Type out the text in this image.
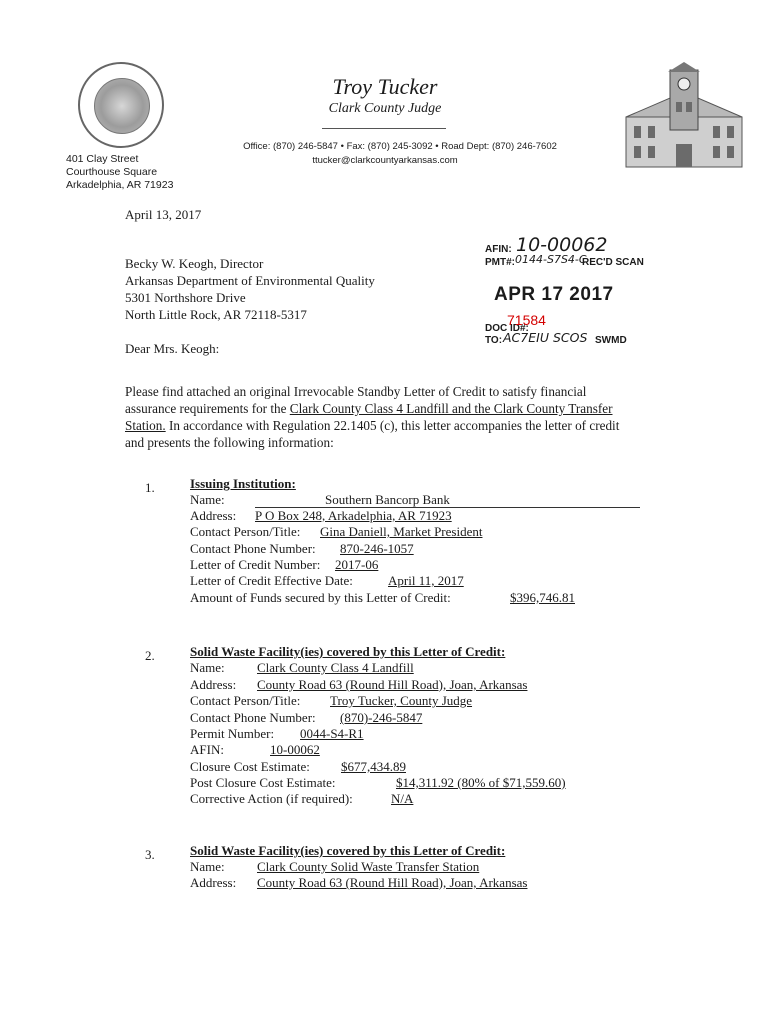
Troy Tucker
Clark County Judge
Office: (870) 246-5847 • Fax: (870) 245-3092 • Road Dept: (870) 246-7602
ttucker@clarkcountyarkansas.com
401 Clay Street
Courthouse Square
Arkadelphia, AR 71923
April 13, 2017
Becky W. Keogh, Director
Arkansas Department of Environmental Quality
5301 Northshore Drive
North Little Rock, AR 72118-5317
AFIN: 10-00062
PMT#: 0144-S7S4-C
REC'D SCAN
APR 17 2017
DOC ID#:
71584
TO: AC7EIU SCOS SWMD
Dear Mrs. Keogh:
Please find attached an original Irrevocable Standby Letter of Credit to satisfy financial
assurance requirements for the Clark County Class 4 Landfill and the Clark County Transfer
Station. In accordance with Regulation 22.1405 (c), this letter accompanies the letter of credit
and presents the following information:
1.	Issuing Institution:
Name:	Southern Bancorp Bank
Address: P O Box 248, Arkadelphia, AR 71923
Contact Person/Title: Gina Daniell, Market President
Contact Phone Number: 870-246-1057
Letter of Credit Number: 2017-06
Letter of Credit Effective Date:	April 11, 2017
Amount of Funds secured by this Letter of Credit:	$396,746.81
2.	Solid Waste Facility(ies) covered by this Letter of Credit:
Name: Clark County Class 4 Landfill
Address: County Road 63 (Round Hill Road), Joan, Arkansas
Contact Person/Title: Troy Tucker, County Judge
Contact Phone Number: (870)-246-5847
Permit Number: 0044-S4-R1
AFIN:	10-00062
Closure Cost Estimate: $677,434.89
Post Closure Cost Estimate:	$14,311.92 (80% of $71,559.60)
Corrective Action (if required):	N/A
3.	Solid Waste Facility(ies) covered by this Letter of Credit:
Name: Clark County Solid Waste Transfer Station
Address: County Road 63 (Round Hill Road), Joan, Arkansas
